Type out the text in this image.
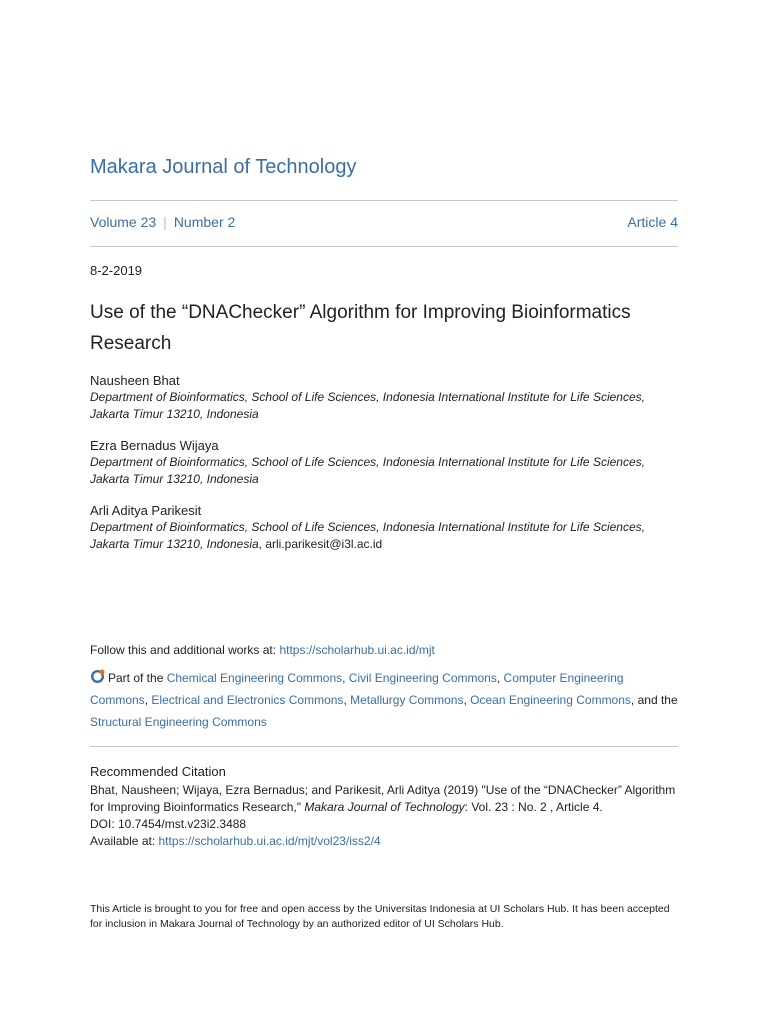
Makara Journal of Technology
Volume 23 | Number 2	Article 4
8-2-2019
Use of the “DNAChecker” Algorithm for Improving Bioinformatics Research
Nausheen Bhat
Department of Bioinformatics, School of Life Sciences, Indonesia International Institute for Life Sciences, Jakarta Timur 13210, Indonesia
Ezra Bernadus Wijaya
Department of Bioinformatics, School of Life Sciences, Indonesia International Institute for Life Sciences, Jakarta Timur 13210, Indonesia
Arli Aditya Parikesit
Department of Bioinformatics, School of Life Sciences, Indonesia International Institute for Life Sciences, Jakarta Timur 13210, Indonesia, arli.parikesit@i3l.ac.id
Follow this and additional works at: https://scholarhub.ui.ac.id/mjt
Part of the Chemical Engineering Commons, Civil Engineering Commons, Computer Engineering Commons, Electrical and Electronics Commons, Metallurgy Commons, Ocean Engineering Commons, and the Structural Engineering Commons
Recommended Citation
Bhat, Nausheen; Wijaya, Ezra Bernadus; and Parikesit, Arli Aditya (2019) "Use of the “DNAChecker” Algorithm for Improving Bioinformatics Research," Makara Journal of Technology: Vol. 23 : No. 2 , Article 4.
DOI: 10.7454/mst.v23i2.3488
Available at: https://scholarhub.ui.ac.id/mjt/vol23/iss2/4
This Article is brought to you for free and open access by the Universitas Indonesia at UI Scholars Hub. It has been accepted for inclusion in Makara Journal of Technology by an authorized editor of UI Scholars Hub.
